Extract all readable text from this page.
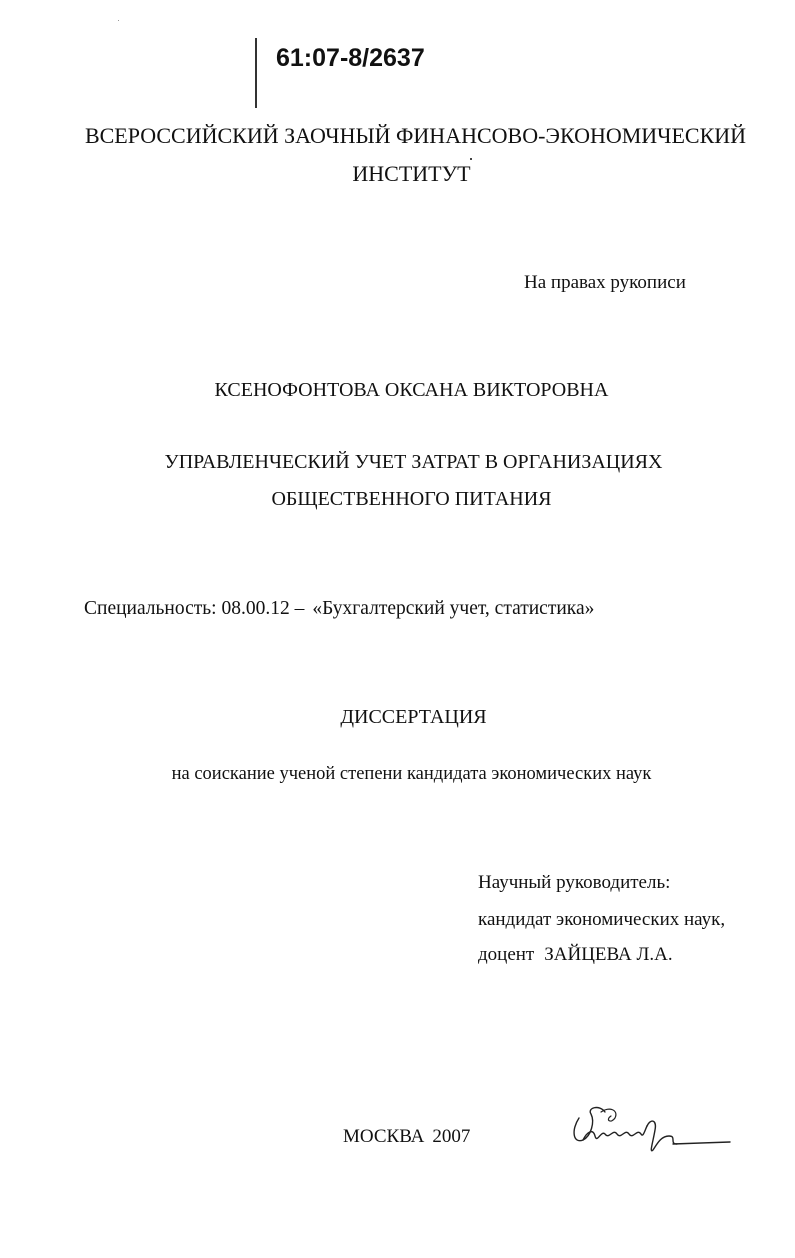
61:07-8/2637
ВСЕРОССИЙСКИЙ ЗАОЧНЫЙ ФИНАНСОВО-ЭКОНОМИЧЕСКИЙ
ИНСТИТУТ
На правах рукописи
КСЕНОФОНТОВА ОКСАНА ВИКТОРОВНА
УПРАВЛЕНЧЕСКИЙ УЧЕТ ЗАТРАТ В ОРГАНИЗАЦИЯХ
ОБЩЕСТВЕННОГО ПИТАНИЯ
Специальность: 08.00.12 – «Бухгалтерский учет, статистика»
ДИССЕРТАЦИЯ
на соискание ученой степени кандидата экономических наук
Научный руководитель:
кандидат экономических наук,
доцент ЗАЙЦЕВА Л.А.
МОСКВА 2007
